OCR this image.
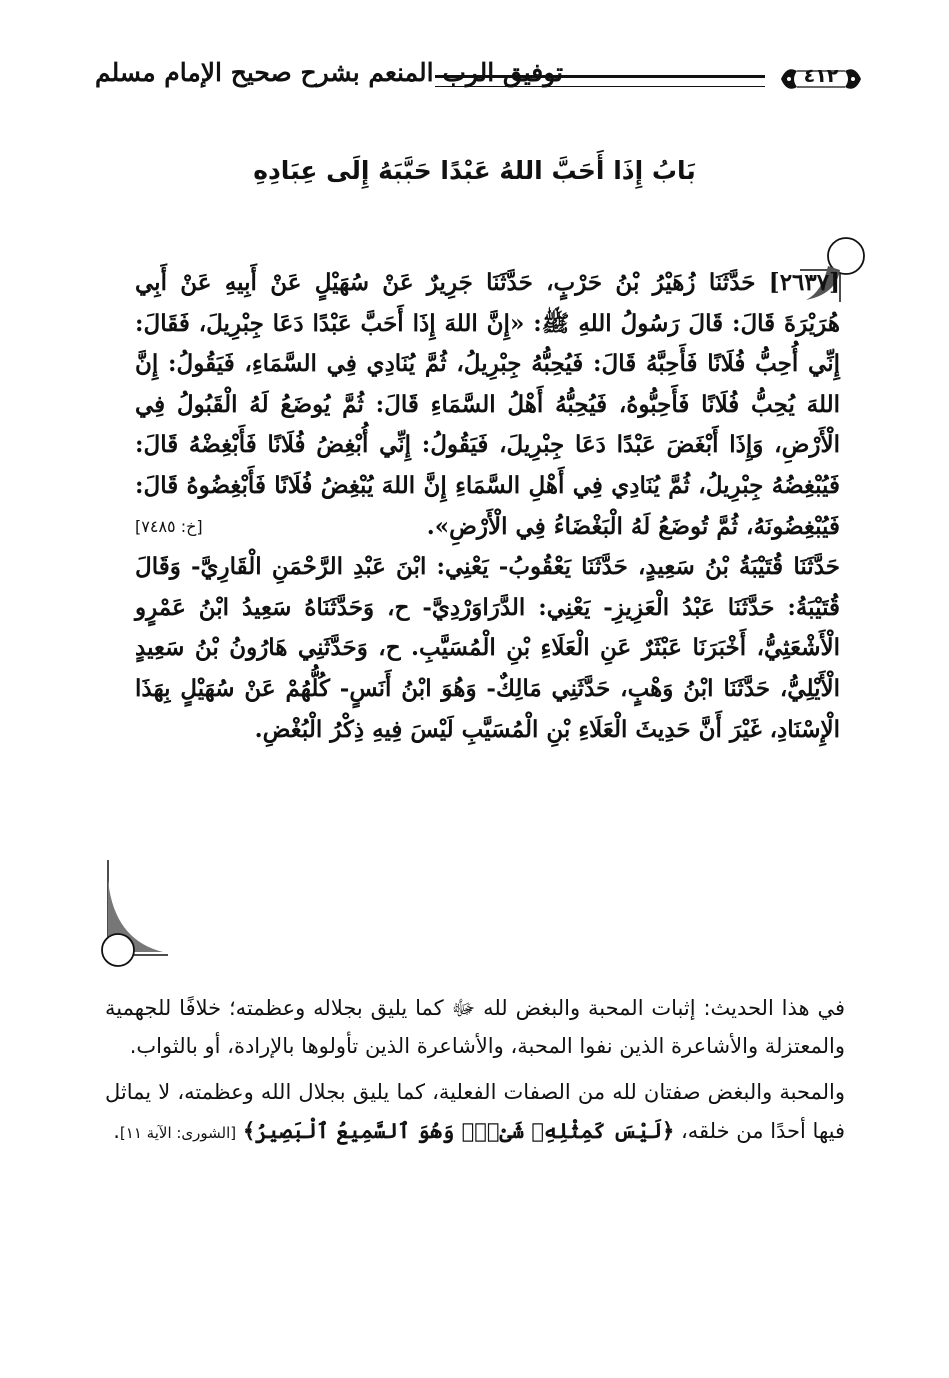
٤١٢
توفيق الرب المنعم بشرح صحيح الإمام مسلم
بَابُ إِذَا أَحَبَّ اللهُ عَبْدًا حَبَّبَهُ إِلَى عِبَادِهِ

[٢٦٣٧] حَدَّثَنَا زُهَيْرُ بْنُ حَرْبٍ، حَدَّثَنَا جَرِيرٌ عَنْ سُهَيْلٍ عَنْ أَبِيهِ عَنْ أَبِي هُرَيْرَةَ قَالَ: قَالَ رَسُولُ اللهِ ﷺ: «إِنَّ اللهَ إِذَا أَحَبَّ عَبْدًا دَعَا جِبْرِيلَ، فَقَالَ: إِنِّي أُحِبُّ فُلَانًا فَأَحِبَّهُ قَالَ: فَيُحِبُّهُ جِبْرِيلُ، ثُمَّ يُنَادِي فِي السَّمَاءِ، فَيَقُولُ: إِنَّ اللهَ يُحِبُّ فُلَانًا فَأَحِبُّوهُ، فَيُحِبُّهُ أَهْلُ السَّمَاءِ قَالَ: ثُمَّ يُوضَعُ لَهُ الْقَبُولُ فِي الْأَرْضِ، وَإِذَا أَبْغَضَ عَبْدًا دَعَا جِبْرِيلَ، فَيَقُولُ: إِنِّي أُبْغِضُ فُلَانًا فَأَبْغِضْهُ قَالَ: فَيُبْغِضُهُ جِبْرِيلُ، ثُمَّ يُنَادِي فِي أَهْلِ السَّمَاءِ إِنَّ اللهَ يُبْغِضُ فُلَانًا فَأَبْغِضُوهُ قَالَ: فَيُبْغِضُونَهُ، ثُمَّ تُوضَعُ لَهُ الْبَغْضَاءُ فِي الْأَرْضِ».
[خ: ٧٤٨٥]

حَدَّثَنَا قُتَيْبَةُ بْنُ سَعِيدٍ، حَدَّثَنَا يَعْقُوبُ- يَعْنِي: ابْنَ عَبْدِ الرَّحْمَنِ الْقَارِيَّ- وَقَالَ قُتَيْبَةُ: حَدَّثَنَا عَبْدُ الْعَزِيزِ- يَعْنِي: الدَّرَاوَرْدِيَّ- ح، وَحَدَّثَنَاهُ سَعِيدُ ابْنُ عَمْرٍو الْأَشْعَثِيُّ، أَخْبَرَنَا عَبْثَرٌ عَنِ الْعَلَاءِ بْنِ الْمُسَيَّبِ. ح، وَحَدَّثَنِي هَارُونُ بْنُ سَعِيدٍ الْأَيْلِيُّ، حَدَّثَنَا ابْنُ وَهْبٍ، حَدَّثَنِي مَالِكٌ- وَهُوَ ابْنُ أَنَسٍ- كُلُّهُمْ عَنْ سُهَيْلٍ بِهَذَا الْإِسْنَادِ، غَيْرَ أَنَّ حَدِيثَ الْعَلَاءِ بْنِ الْمُسَيَّبِ لَيْسَ فِيهِ ذِكْرُ الْبُغْضِ.

في هذا الحديث: إثبات المحبة والبغض لله ﷻ كما يليق بجلاله وعظمته؛ خلافًا للجهمية والمعتزلة والأشاعرة الذين نفوا المحبة، والأشاعرة الذين تأولوها بالإرادة، أو بالثواب.

والمحبة والبغض صفتان لله من الصفات الفعلية، كما يليق بجلال الله وعظمته، لا يماثل فيها أحدًا من خلقه، ﴿لَيْسَ كَمِثْلِهِۦ شَىْءٌۖ وَهُوَ ٱلسَّمِيعُ ٱلْبَصِيرُ﴾ [الشورى: الآية ١١].
